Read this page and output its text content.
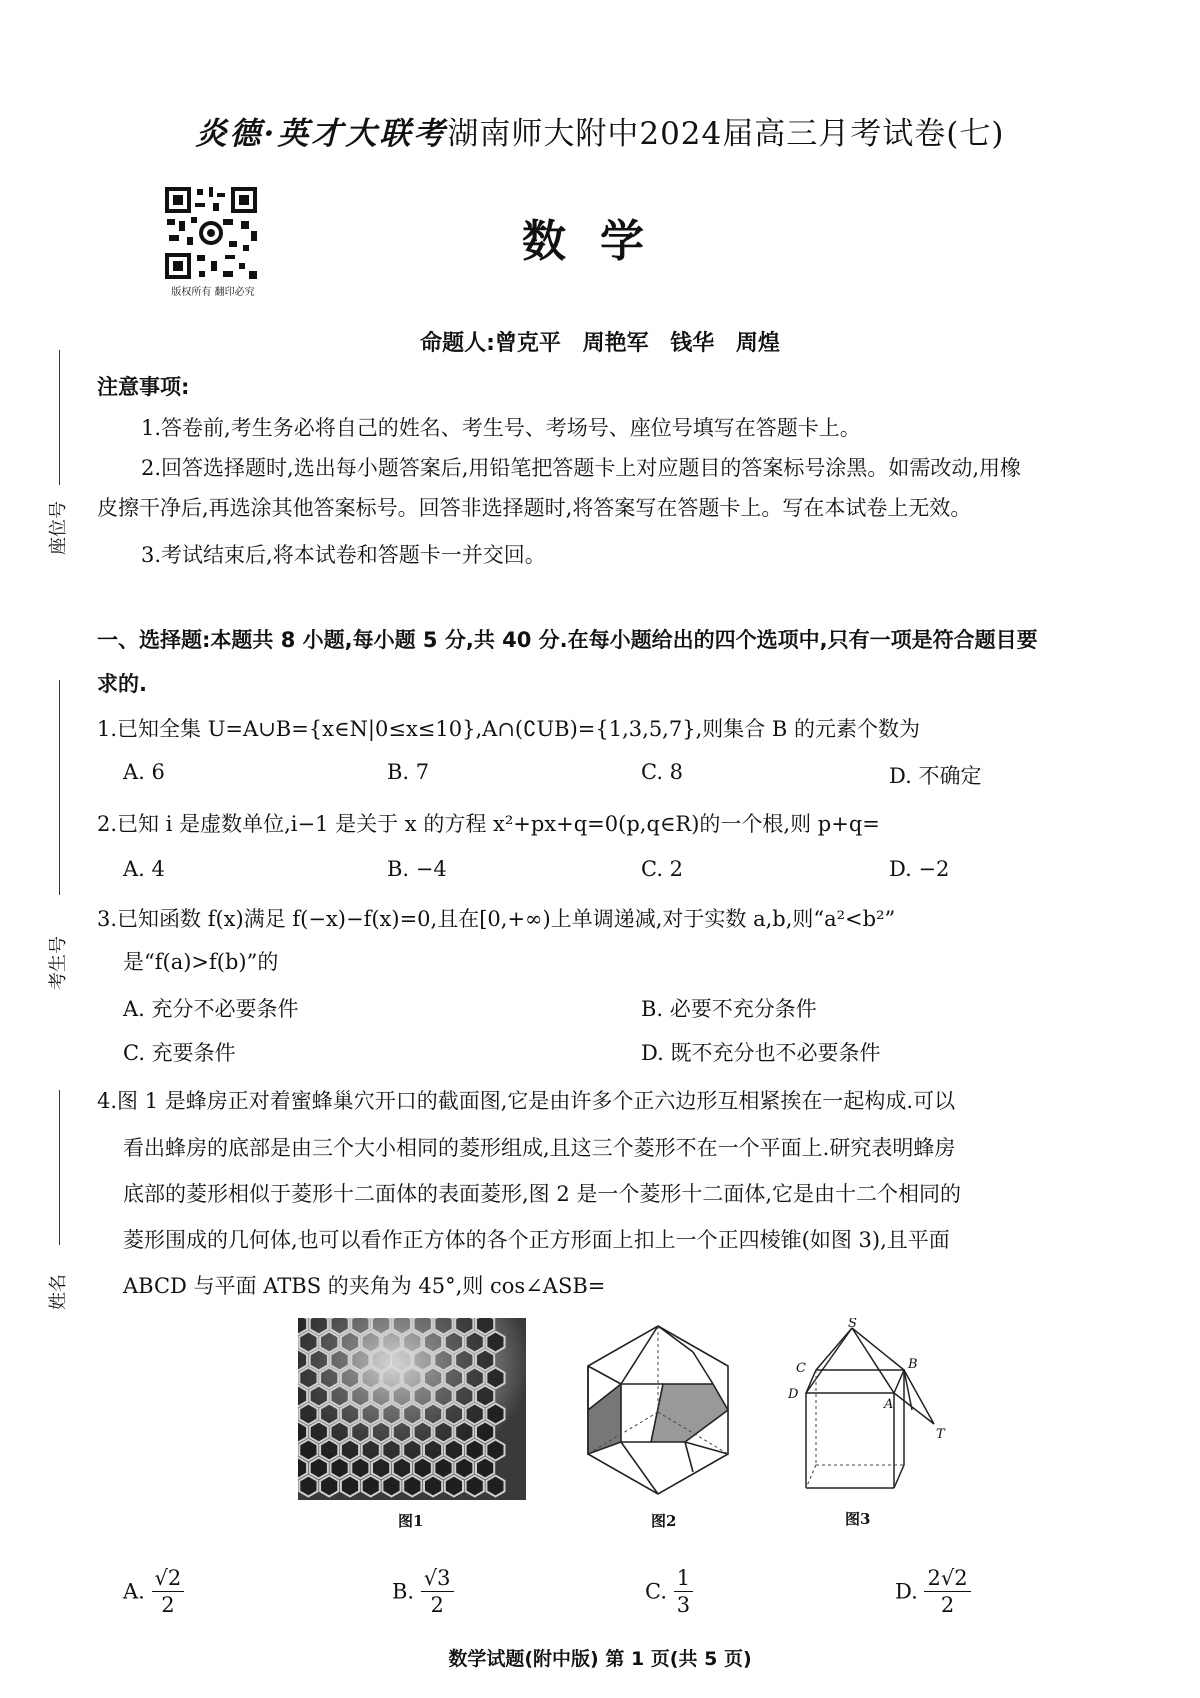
炎德·英才大联考湖南师大附中2024届高三月考试卷(七)
版权所有 翻印必究
数学
命题人:曾克平 周艳军 钱华 周煌
座位号
考生号
姓名
注意事项:
1.答卷前,考生务必将自己的姓名、考生号、考场号、座位号填写在答题卡上。
2.回答选择题时,选出每小题答案后,用铅笔把答题卡上对应题目的答案标号涂黑。如需改动,用橡
皮擦干净后,再选涂其他答案标号。回答非选择题时,将答案写在答题卡上。写在本试卷上无效。
3.考试结束后,将本试卷和答题卡一并交回。
一、选择题:本题共 8 小题,每小题 5 分,共 40 分.在每小题给出的四个选项中,只有一项是符合题目要
求的.
1.已知全集 U=A∪B={x∈N|0≤x≤10},A∩(∁UB)={1,3,5,7},则集合 B 的元素个数为
A. 6	B. 7	C. 8	D. 不确定
2.已知 i 是虚数单位,i−1 是关于 x 的方程 x²+px+q=0(p,q∈R)的一个根,则 p+q=
A. 4	B. −4	C. 2	D. −2
3.已知函数 f(x)满足 f(−x)−f(x)=0,且在[0,+∞)上单调递减,对于实数 a,b,则“a²<b²”
是“f(a)>f(b)”的
A. 充分不必要条件	B. 必要不充分条件
C. 充要条件	D. 既不充分也不必要条件
4.图 1 是蜂房正对着蜜蜂巢穴开口的截面图,它是由许多个正六边形互相紧挨在一起构成.可以
看出蜂房的底部是由三个大小相同的菱形组成,且这三个菱形不在一个平面上.研究表明蜂房
底部的菱形相似于菱形十二面体的表面菱形,图 2 是一个菱形十二面体,它是由十二个相同的
菱形围成的几何体,也可以看作正方体的各个正方形面上扣上一个正四棱锥(如图 3),且平面
ABCD 与平面 ATBS 的夹角为 45°,则 cos∠ASB=
图1	图2
S
C	B
D
A
T
图3
A. $\frac{√2}{2}$	B. $\frac{√3}{2}$	C. $\frac{1}{3}$	D. $\frac{2√2}{2}$
数学试题(附中版) 第 1 页(共 5 页)
